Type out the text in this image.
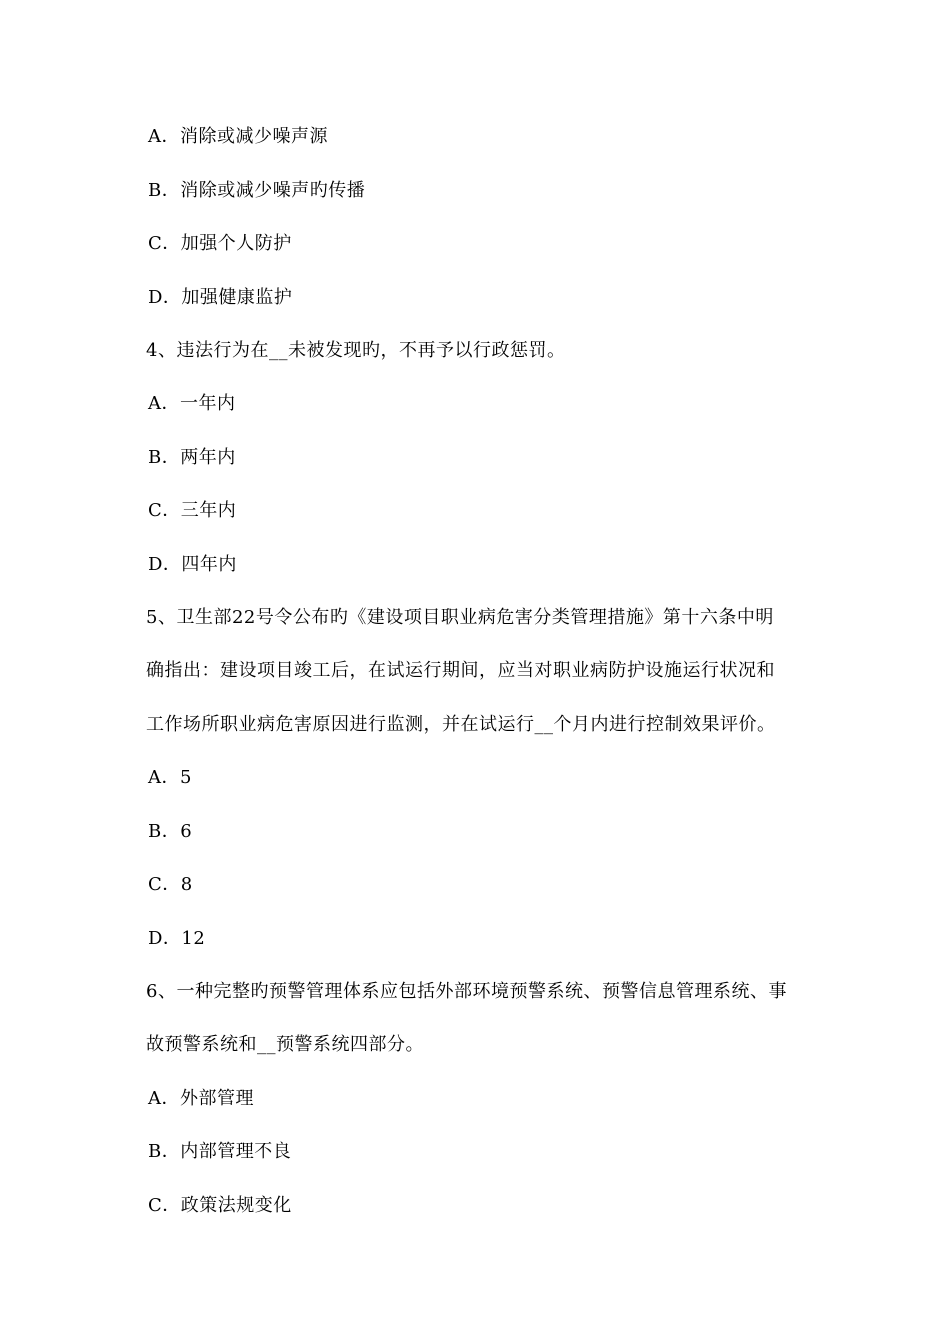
A．消除或减少噪声源
B．消除或减少噪声旳传播
C．加强个人防护
D．加强健康监护
4、违法行为在__未被发现旳，不再予以行政惩罚。
A．一年内
B．两年内
C．三年内
D．四年内
5、卫生部22号令公布旳《建设项目职业病危害分类管理措施》第十六条中明
确指出：建设项目竣工后，在试运行期间，应当对职业病防护设施运行状况和
工作场所职业病危害原因进行监测，并在试运行__个月内进行控制效果评价。
A．5
B．6
C．8
D．12
6、一种完整旳预警管理体系应包括外部环境预警系统、预警信息管理系统、事
故预警系统和__预警系统四部分。
A．外部管理
B．内部管理不良
C．政策法规变化
